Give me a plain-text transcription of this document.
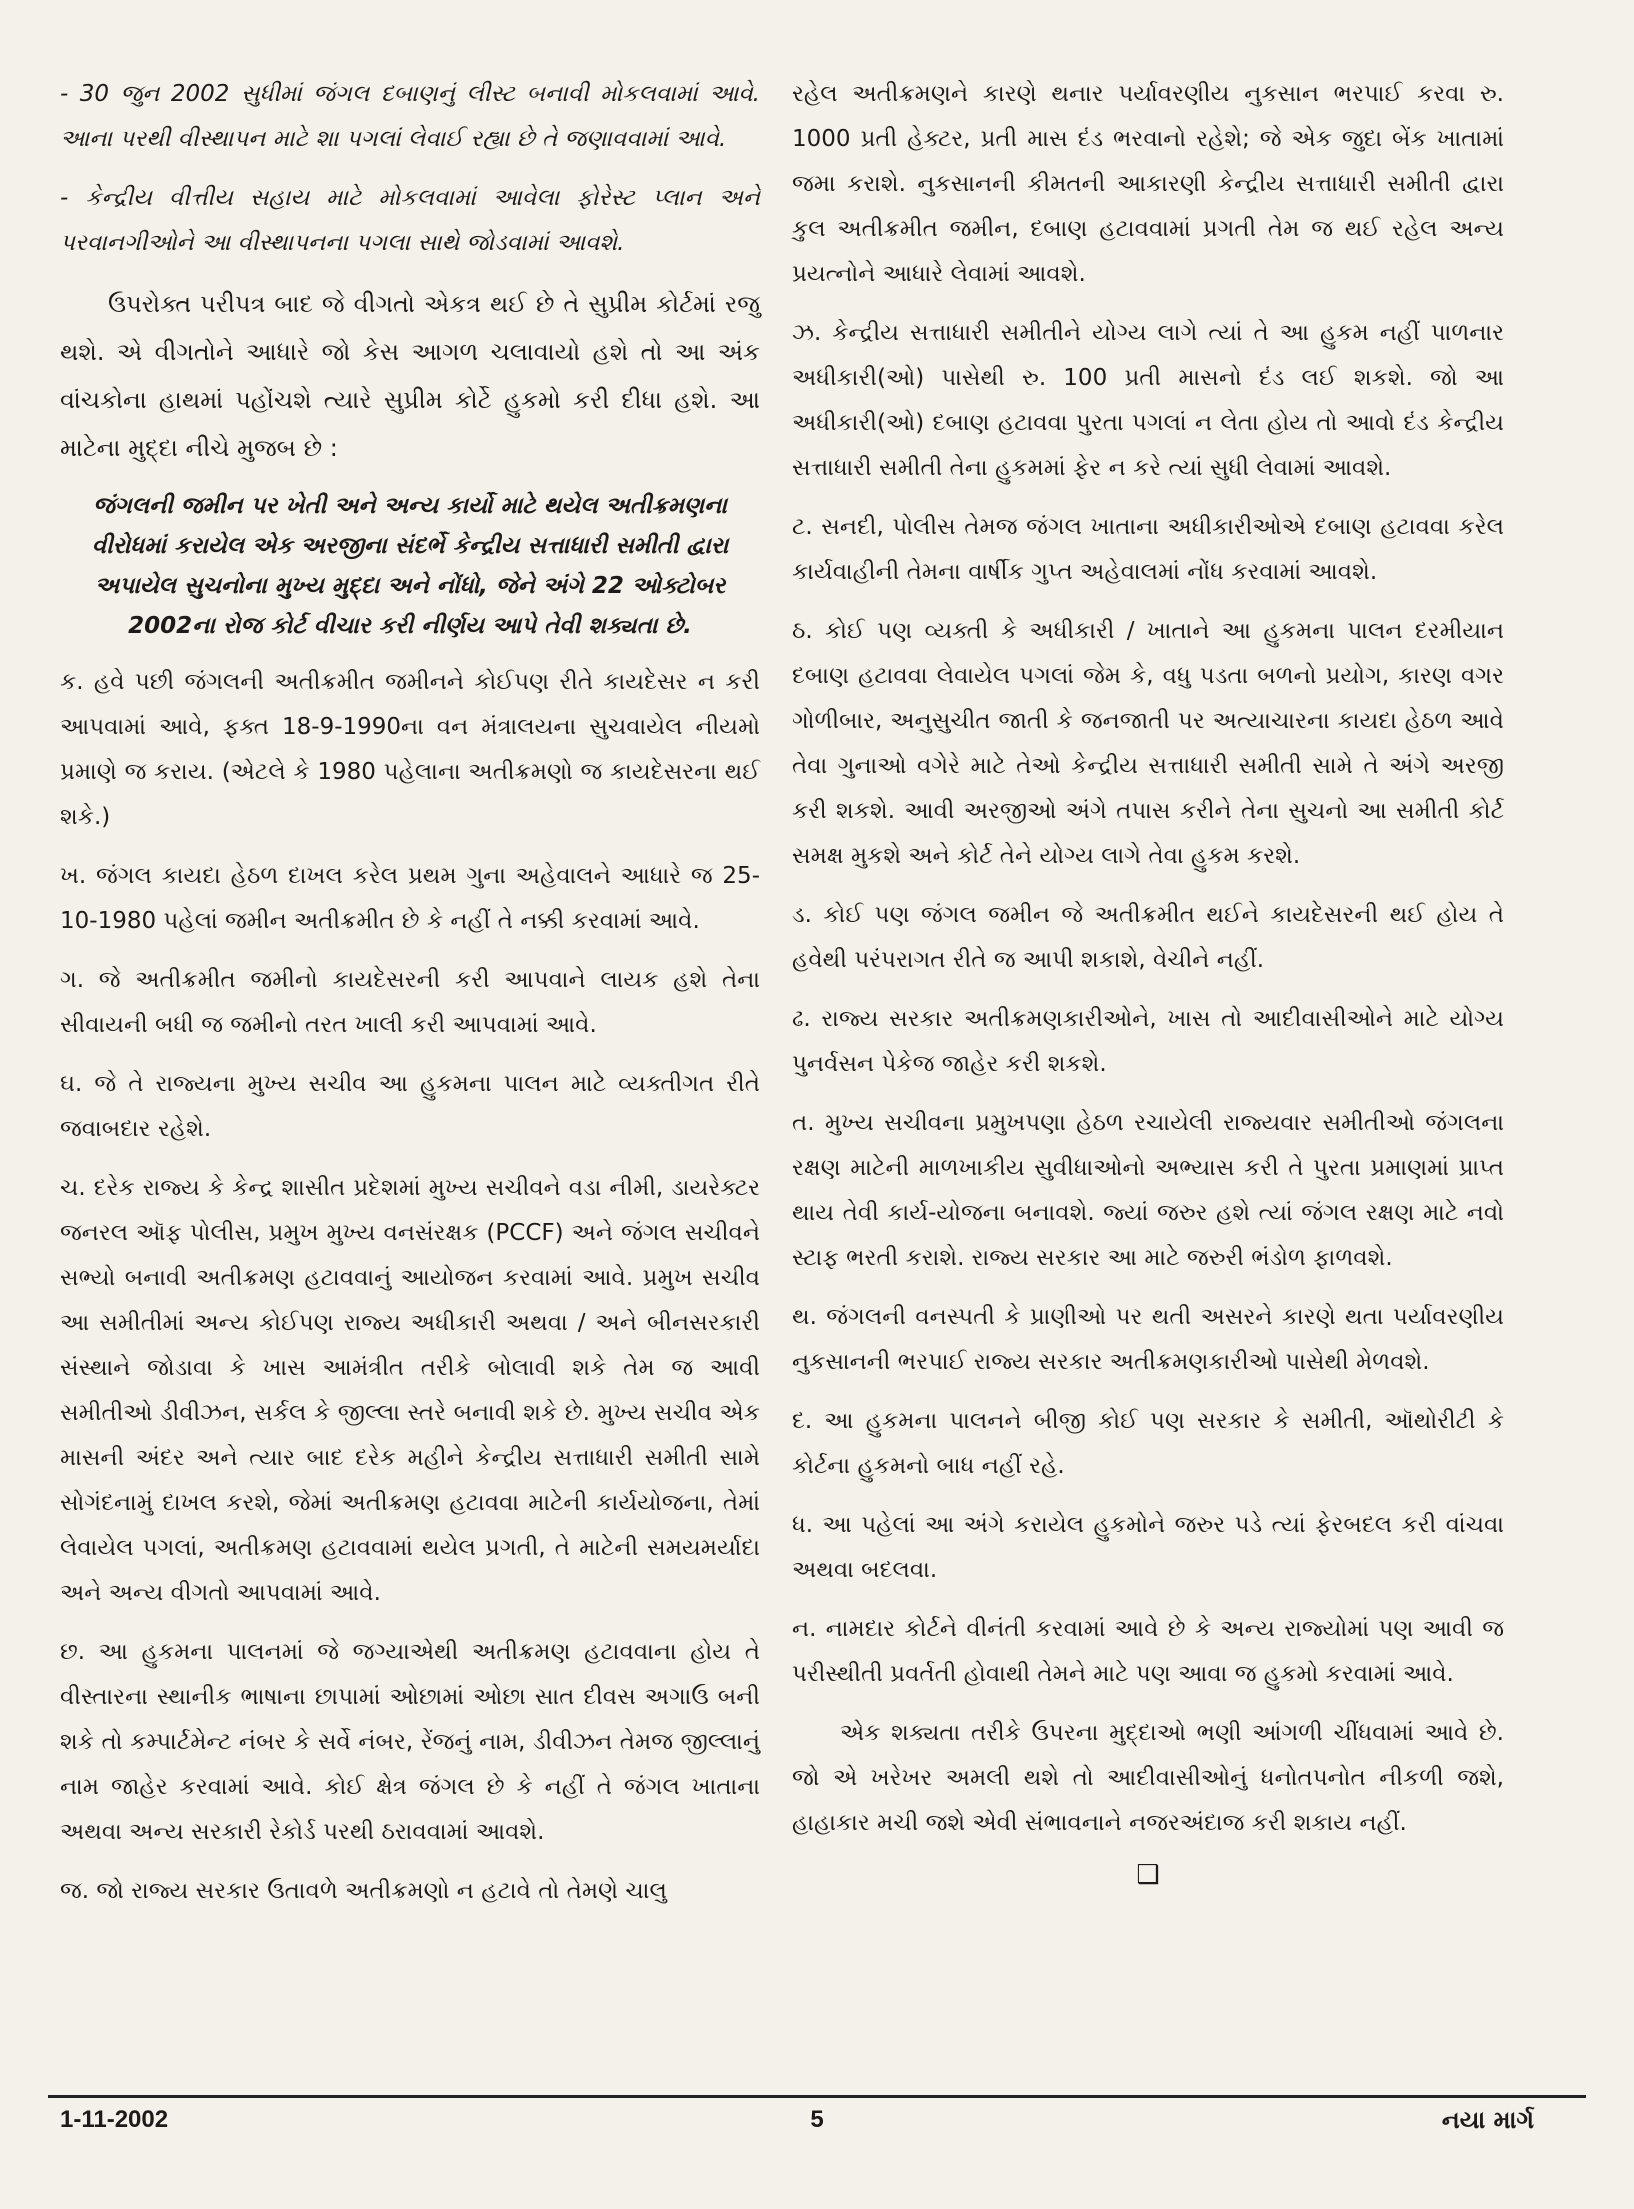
- 30 જુન 2002 સુધીમાં જંગલ દબાણનું લીસ્ટ બનાવી મોકલવામાં આવે. આના પરથી વીસ્થાપન માટે શા પગલાં લેવાઈ રહ્યા છે તે જણાવવામાં આવે.

- કેન્દ્રીય વીત્તીય સહાય માટે મોકલવામાં આવેલા ફોરેસ્ટ પ્લાન અને પરવાનગીઓને આ વીસ્થાપનના પગલા સાથે જોડવામાં આવશે.

ઉપરોક્ત પરીપત્ર બાદ જે વીગતો એકત્ર થઈ છે તે સુપ્રીમ કોર્ટમાં રજુ થશે. એ વીગતોને આધારે જો કેસ આગળ ચલાવાયો હશે તો આ અંક વાંચકોના હાથમાં પહોંચશે ત્યારે સુપ્રીમ કોર્ટે હુકમો કરી દીધા હશે. આ માટેના મુદ્દા નીચે મુજબ છે :

જંગલની જમીન પર ખેતી અને અન્ય કાર્યો માટે થયેલ અતીક્રમણના વીરોધમાં કરાયેલ એક અરજીના સંદર્ભે કેન્દ્રીય સત્તાધારી સમીતી દ્વારા અપાયેલ સુચનોના મુખ્ય મુદ્દા અને નોંધો, જેને અંગે 22 ઓક્ટોબર 2002ના રોજ કોર્ટ વીચાર કરી નીર્ણય આપે તેવી શક્યતા છે.

ક. હવે પછી જંગલની અતીક્રમીત જમીનને કોઈપણ રીતે કાયદેસર ન કરી આપવામાં આવે, ફક્ત 18-9-1990ના વન મંત્રાલયના સુચવાયેલ નીયમો પ્રમાણે જ કરાય. (એટલે કે 1980 પહેલાના અતીક્રમણો જ કાયદેસરના થઈ શકે.)

ખ. જંગલ કાયદા હેઠળ દાખલ કરેલ પ્રથમ ગુના અહેવાલને આધારે જ 25-10-1980 પહેલાં જમીન અતીક્રમીત છે કે નહીં તે નક્કી કરવામાં આવે.

ગ. જે અતીક્રમીત જમીનો કાયદેસરની કરી આપવાને લાયક હશે તેના સીવાયની બધી જ જમીનો તરત ખાલી કરી આપવામાં આવે.

ઘ. જે તે રાજ્યના મુખ્ય સચીવ આ હુકમના પાલન માટે વ્યક્તીગત રીતે જવાબદાર રહેશે.

ચ. દરેક રાજ્ય કે કેન્દ્ર શાસીત પ્રદેશમાં મુખ્ય સચીવને વડા નીમી, ડાયરેક્ટર જનરલ ઑફ પોલીસ, પ્રમુખ મુખ્ય વનસંરક્ષક (PCCF) અને જંગલ સચીવને સભ્યો બનાવી અતીક્રમણ હટાવવાનું આયોજન કરવામાં આવે. પ્રમુખ સચીવ આ સમીતીમાં અન્ય કોઈપણ રાજ્ય અધીકારી અથવા / અને બીનસરકારી સંસ્થાને જોડાવા કે ખાસ આમંત્રીત તરીકે બોલાવી શકે તેમ જ આવી સમીતીઓ ડીવીઝન, સર્કલ કે જીલ્લા સ્તરે બનાવી શકે છે. મુખ્ય સચીવ એક માસની અંદર અને ત્યાર બાદ દરેક મહીને કેન્દ્રીય સત્તાધારી સમીતી સામે સોગંદનામું દાખલ કરશે, જેમાં અતીક્રમણ હટાવવા માટેની કાર્યયોજના, તેમાં લેવાયેલ પગલાં, અતીક્રમણ હટાવવામાં થયેલ પ્રગતી, તે માટેની સમયમર્યાદા અને અન્ય વીગતો આપવામાં આવે.

છ. આ હુકમના પાલનમાં જે જગ્યાએથી અતીક્રમણ હટાવવાના હોય તે વીસ્તારના સ્થાનીક ભાષાના છાપામાં ઓછામાં ઓછા સાત દીવસ અગાઉ બની શકે તો કમ્પાર્ટમેન્ટ નંબર કે સર્વે નંબર, રેંજનું નામ, ડીવીઝન તેમજ જીલ્લાનું નામ જાહેર કરવામાં આવે. કોઈ ક્ષેત્ર જંગલ છે કે નહીં તે જંગલ ખાતાના અથવા અન્ય સરકારી રેકોર્ડ પરથી ઠરાવવામાં આવશે.

જ. જો રાજ્ય સરકાર ઉતાવળે અતીક્રમણો ન હટાવે તો તેમણે ચાલુ

રહેલ અતીક્રમણને કારણે થનાર પર્યાવરણીય નુકસાન ભરપાઈ કરવા રુ. 1000 પ્રતી હેક્ટર, પ્રતી માસ દંડ ભરવાનો રહેશે; જે એક જુદા બેંક ખાતામાં જમા કરાશે. નુકસાનની કીમતની આકારણી કેન્દ્રીય સત્તાધારી સમીતી દ્વારા કુલ અતીક્રમીત જમીન, દબાણ હટાવવામાં પ્રગતી તેમ જ થઈ રહેલ અન્ય પ્રયત્નોને આધારે લેવામાં આવશે.

ઝ. કેન્દ્રીય સત્તાધારી સમીતીને યોગ્ય લાગે ત્યાં તે આ હુકમ નહીં પાળનાર અધીકારી(ઓ) પાસેથી રુ. 100 પ્રતી માસનો દંડ લઈ શકશે. જો આ અધીકારી(ઓ) દબાણ હટાવવા પુરતા પગલાં ન લેતા હોય તો આવો દંડ કેન્દ્રીય સત્તાધારી સમીતી તેના હુકમમાં ફેર ન કરે ત્યાં સુધી લેવામાં આવશે.

ટ. સનદી, પોલીસ તેમજ જંગલ ખાતાના અધીકારીઓએ દબાણ હટાવવા કરેલ કાર્યવાહીની તેમના વાર્ષીક ગુપ્ત અહેવાલમાં નોંધ કરવામાં આવશે.

ઠ. કોઈ પણ વ્યક્તી કે અધીકારી / ખાતાને આ હુકમના પાલન દરમીયાન દબાણ હટાવવા લેવાયેલ પગલાં જેમ કે, વધુ પડતા બળનો પ્રયોગ, કારણ વગર ગોળીબાર, અનુસુચીત જાતી કે જનજાતી પર અત્યાચારના કાયદા હેઠળ આવે તેવા ગુનાઓ વગેરે માટે તેઓ કેન્દ્રીય સત્તાધારી સમીતી સામે તે અંગે અરજી કરી શકશે. આવી અરજીઓ અંગે તપાસ કરીને તેના સુચનો આ સમીતી કોર્ટ સમક્ષ મુકશે અને કોર્ટ તેને યોગ્ય લાગે તેવા હુકમ કરશે.

ડ. કોઈ પણ જંગલ જમીન જે અતીક્રમીત થઈને કાયદેસરની થઈ હોય તે હવેથી પરંપરાગત રીતે જ આપી શકાશે, વેચીને નહીં.

ઢ. રાજ્ય સરકાર અતીક્રમણકારીઓને, ખાસ તો આદીવાસીઓને માટે યોગ્ય પુનર્વસન પેકેજ જાહેર કરી શકશે.

ત. મુખ્ય સચીવના પ્રમુખપણા હેઠળ રચાયેલી રાજ્યવાર સમીતીઓ જંગલના રક્ષણ માટેની માળખાકીય સુવીધાઓનો અભ્યાસ કરી તે પુરતા પ્રમાણમાં પ્રાપ્ત થાય તેવી કાર્ય-યોજના બનાવશે. જ્યાં જરુર હશે ત્યાં જંગલ રક્ષણ માટે નવો સ્ટાફ ભરતી કરાશે. રાજ્ય સરકાર આ માટે જરુરી ભંડોળ ફાળવશે.

થ. જંગલની વનસ્પતી કે પ્રાણીઓ પર થતી અસરને કારણે થતા પર્યાવરણીય નુકસાનની ભરપાઈ રાજ્ય સરકાર અતીક્રમણકારીઓ પાસેથી મેળવશે.

દ. આ હુકમના પાલનને બીજી કોઈ પણ સરકાર કે સમીતી, ઑથોરીટી કે કોર્ટના હુકમનો બાધ નહીં રહે.

ધ. આ પહેલાં આ અંગે કરાયેલ હુકમોને જરુર પડે ત્યાં ફેરબદલ કરી વાંચવા અથવા બદલવા.

ન. નામદાર કોર્ટને વીનંતી કરવામાં આવે છે કે અન્ય રાજ્યોમાં પણ આવી જ પરીસ્થીતી પ્રવર્તતી હોવાથી તેમને માટે પણ આવા જ હુકમો કરવામાં આવે.

એક શક્યતા તરીકે ઉપરના મુદ્દાઓ ભણી આંગળી ચીંધવામાં આવે છે. જો એ ખરેખર અમલી થશે તો આદીવાસીઓનું ધનોતપનોત નીકળી જશે, હાહાકાર મચી જશે એવી સંભાવનાને નજરઅંદાજ કરી શકાય નહીં.

❑
1-11-2002	5	નયા માર્ગ
